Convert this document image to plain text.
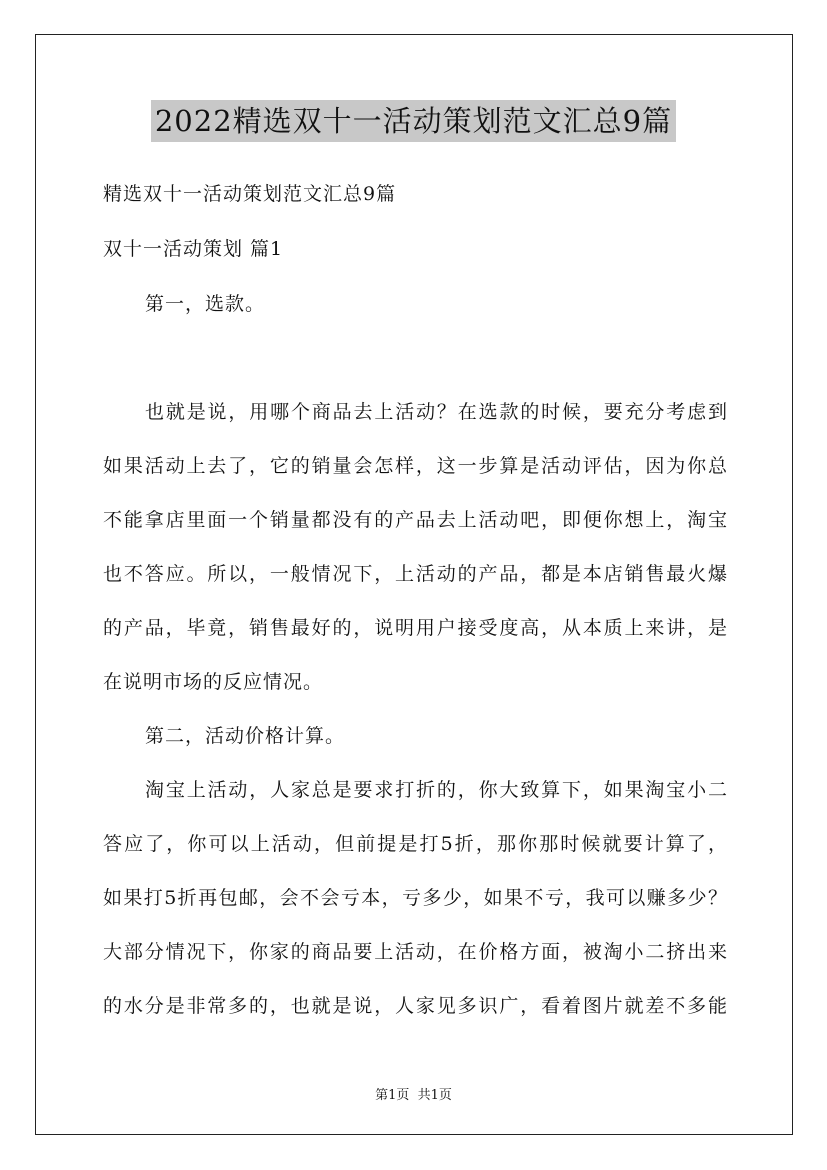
2022精选双十一活动策划范文汇总9篇
精选双十一活动策划范文汇总9篇
双十一活动策划 篇1
第一，选款。
也就是说，用哪个商品去上活动？在选款的时候，要充分考虑到
如果活动上去了，它的销量会怎样，这一步算是活动评估，因为你总
不能拿店里面一个销量都没有的产品去上活动吧，即便你想上，淘宝
也不答应。所以，一般情况下，上活动的产品，都是本店销售最火爆
的产品，毕竟，销售最好的，说明用户接受度高，从本质上来讲，是
在说明市场的反应情况。
第二，活动价格计算。
淘宝上活动，人家总是要求打折的，你大致算下，如果淘宝小二
答应了，你可以上活动，但前提是打5折，那你那时候就要计算了，
如果打5折再包邮，会不会亏本，亏多少，如果不亏，我可以赚多少？
大部分情况下，你家的商品要上活动，在价格方面，被淘小二挤出来
的水分是非常多的，也就是说，人家见多识广，看着图片就差不多能
第1页 共1页
